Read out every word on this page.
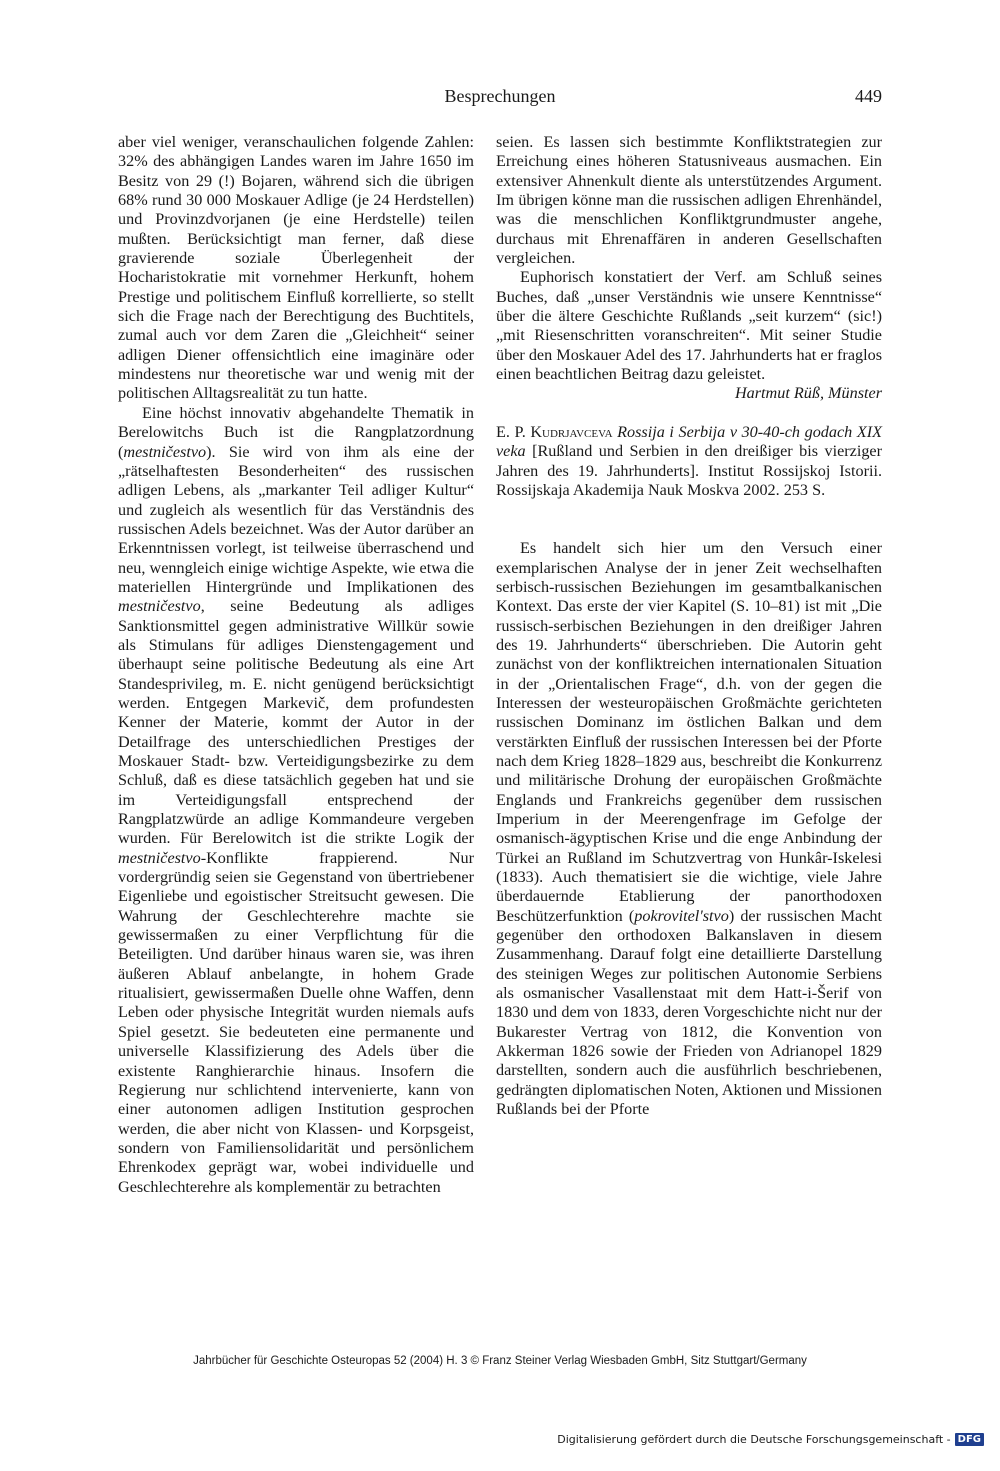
Besprechungen	449

aber viel weniger, veranschaulichen folgende Zahlen: 32% des abhängigen Landes waren im Jahre 1650 im Besitz von 29 (!) Bojaren, während sich die übrigen 68% rund 30 000 Moskauer Adlige (je 24 Herdstellen) und Provinzdvorjanen (je eine Herdstelle) teilen mußten. Berücksichtigt man ferner, daß diese gravierende soziale Überlegenheit der Hocharistokratie mit vornehmer Herkunft, hohem Prestige und politischem Einfluß korrellierte, so stellt sich die Frage nach der Berechtigung des Buchtitels, zumal auch vor dem Zaren die „Gleichheit“ seiner adligen Diener offensichtlich eine imaginäre oder mindestens nur theoretische war und wenig mit der politischen Alltagsrealität zu tun hatte.

Eine höchst innovativ abgehandelte Thematik in Berelowitchs Buch ist die Rangplatzordnung (mestničestvo). Sie wird von ihm als eine der „rätselhaftesten Besonderheiten“ des russischen adligen Lebens, als „markanter Teil adliger Kultur“ und zugleich als wesentlich für das Verständnis des russischen Adels bezeichnet. Was der Autor darüber an Erkenntnissen vorlegt, ist teilweise überraschend und neu, wenngleich einige wichtige Aspekte, wie etwa die materiellen Hintergründe und Implikationen des mestničestvo, seine Bedeutung als adliges Sanktionsmittel gegen administrative Willkür sowie als Stimulans für adliges Dienstengagement und überhaupt seine politische Bedeutung als eine Art Standesprivileg, m. E. nicht genügend berücksichtigt werden. Entgegen Markevič, dem profundesten Kenner der Materie, kommt der Autor in der Detailfrage des unterschiedlichen Prestiges der Moskauer Stadt- bzw. Verteidigungsbezirke zu dem Schluß, daß es diese tatsächlich gegeben hat und sie im Verteidigungsfall entsprechend der Rangplatzwürde an adlige Kommandeure vergeben wurden. Für Berelowitch ist die strikte Logik der mestničestvo-Konflikte frappierend. Nur vordergründig seien sie Gegenstand von übertriebener Eigenliebe und egoistischer Streitsucht gewesen. Die Wahrung der Geschlechterehre machte sie gewissermaßen zu einer Verpflichtung für die Beteiligten. Und darüber hinaus waren sie, was ihren äußeren Ablauf anbelangte, in hohem Grade ritualisiert, gewissermaßen Duelle ohne Waffen, denn Leben oder physische Integrität wurden niemals aufs Spiel gesetzt. Sie bedeuteten eine permanente und universelle Klassifizierung des Adels über die existente Ranghierarchie hinaus. Insofern die Regierung nur schlichtend intervenierte, kann von einer autonomen adligen Institution gesprochen werden, die aber nicht von Klassen- und Korpsgeist, sondern von Familiensolidarität und persönlichem Ehrenkodex geprägt war, wobei individuelle und Geschlechterehre als komplementär zu betrachten

seien. Es lassen sich bestimmte Konfliktstrategien zur Erreichung eines höheren Statusniveaus ausmachen. Ein extensiver Ahnenkult diente als unterstützendes Argument. Im übrigen könne man die russischen adligen Ehrenhändel, was die menschlichen Konfliktgrundmuster angehe, durchaus mit Ehrenaffären in anderen Gesellschaften vergleichen.

Euphorisch konstatiert der Verf. am Schluß seines Buches, daß „unser Verständnis wie unsere Kenntnisse“ über die ältere Geschichte Rußlands „seit kurzem“ (sic!) „mit Riesenschritten voranschreiten“. Mit seiner Studie über den Moskauer Adel des 17. Jahrhunderts hat er fraglos einen beachtlichen Beitrag dazu geleistet.

Hartmut Rüß, Münster

E. P. Kudrjavceva Rossija i Serbija v 30-40-ch godach XIX veka [Rußland und Serbien in den dreißiger bis vierziger Jahren des 19. Jahrhunderts]. Institut Rossijskoj Istorii. Rossijskaja Akademija Nauk Moskva 2002. 253 S.

Es handelt sich hier um den Versuch einer exemplarischen Analyse der in jener Zeit wechselhaften serbisch-russischen Beziehungen im gesamtbalkanischen Kontext. Das erste der vier Kapitel (S. 10–81) ist mit „Die russisch-serbischen Beziehungen in den dreißiger Jahren des 19. Jahrhunderts“ überschrieben. Die Autorin geht zunächst von der konfliktreichen internationalen Situation in der „Orientalischen Frage“, d.h. von der gegen die Interessen der westeuropäischen Großmächte gerichteten russischen Dominanz im östlichen Balkan und dem verstärkten Einfluß der russischen Interessen bei der Pforte nach dem Krieg 1828–1829 aus, beschreibt die Konkurrenz und militärische Drohung der europäischen Großmächte Englands und Frankreichs gegenüber dem russischen Imperium in der Meerengenfrage im Gefolge der osmanisch-ägyptischen Krise und die enge Anbindung der Türkei an Rußland im Schutzvertrag von Hunkâr-Iskelesi (1833). Auch thematisiert sie die wichtige, viele Jahre überdauernde Etablierung der panorthodoxen Beschützerfunktion (pokrovitel'stvo) der russischen Macht gegenüber den orthodoxen Balkanslaven in diesem Zusammenhang. Darauf folgt eine detaillierte Darstellung des steinigen Weges zur politischen Autonomie Serbiens als osmanischer Vasallenstaat mit dem Hatt-i-Šerif von 1830 und dem von 1833, deren Vorgeschichte nicht nur der Bukarester Vertrag von 1812, die Konvention von Akkerman 1826 sowie der Frieden von Adrianopel 1829 darstellten, sondern auch die ausführlich beschriebenen, gedrängten diplomatischen Noten, Aktionen und Missionen Rußlands bei der Pforte

Jahrbücher für Geschichte Osteuropas 52 (2004) H. 3 © Franz Steiner Verlag Wiesbaden GmbH, Sitz Stuttgart/Germany
Digitalisierung gefördert durch die Deutsche Forschungsgemeinschaft - DFG
